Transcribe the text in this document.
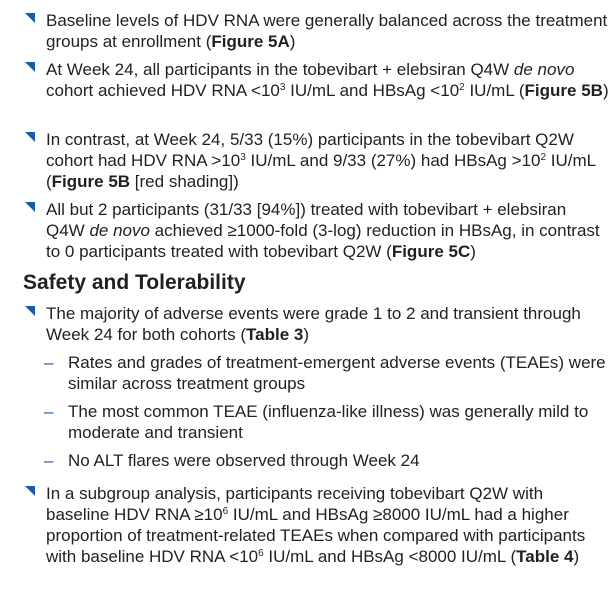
Baseline levels of HDV RNA were generally balanced across the treatment groups at enrollment (Figure 5A)
At Week 24, all participants in the tobevibart + elebsiran Q4W de novo cohort achieved HDV RNA $<10^3$ IU/mL and HBsAg $<10^2$ IU/mL (Figure 5B)
In contrast, at Week 24, 5/33 (15%) participants in the tobevibart Q2W cohort had HDV RNA $>10^3$ IU/mL and 9/33 (27%) had HBsAg $>10^2$ IU/mL (Figure 5B [red shading])
All but 2 participants (31/33 [94%]) treated with tobevibart + elebsiran Q4W de novo achieved ≥1000-fold (3-log) reduction in HBsAg, in contrast to 0 participants treated with tobevibart Q2W (Figure 5C)
Safety and Tolerability
The majority of adverse events were grade 1 to 2 and transient through Week 24 for both cohorts (Table 3)
– Rates and grades of treatment-emergent adverse events (TEAEs) were similar across treatment groups
– The most common TEAE (influenza-like illness) was generally mild to moderate and transient
– No ALT flares were observed through Week 24
In a subgroup analysis, participants receiving tobevibart Q2W with baseline HDV RNA $\ge 10^6$ IU/mL and HBsAg ≥8000 IU/mL had a higher proportion of treatment-related TEAEs when compared with participants with baseline HDV RNA $<10^6$ IU/mL and HBsAg <8000 IU/mL (Table 4)
